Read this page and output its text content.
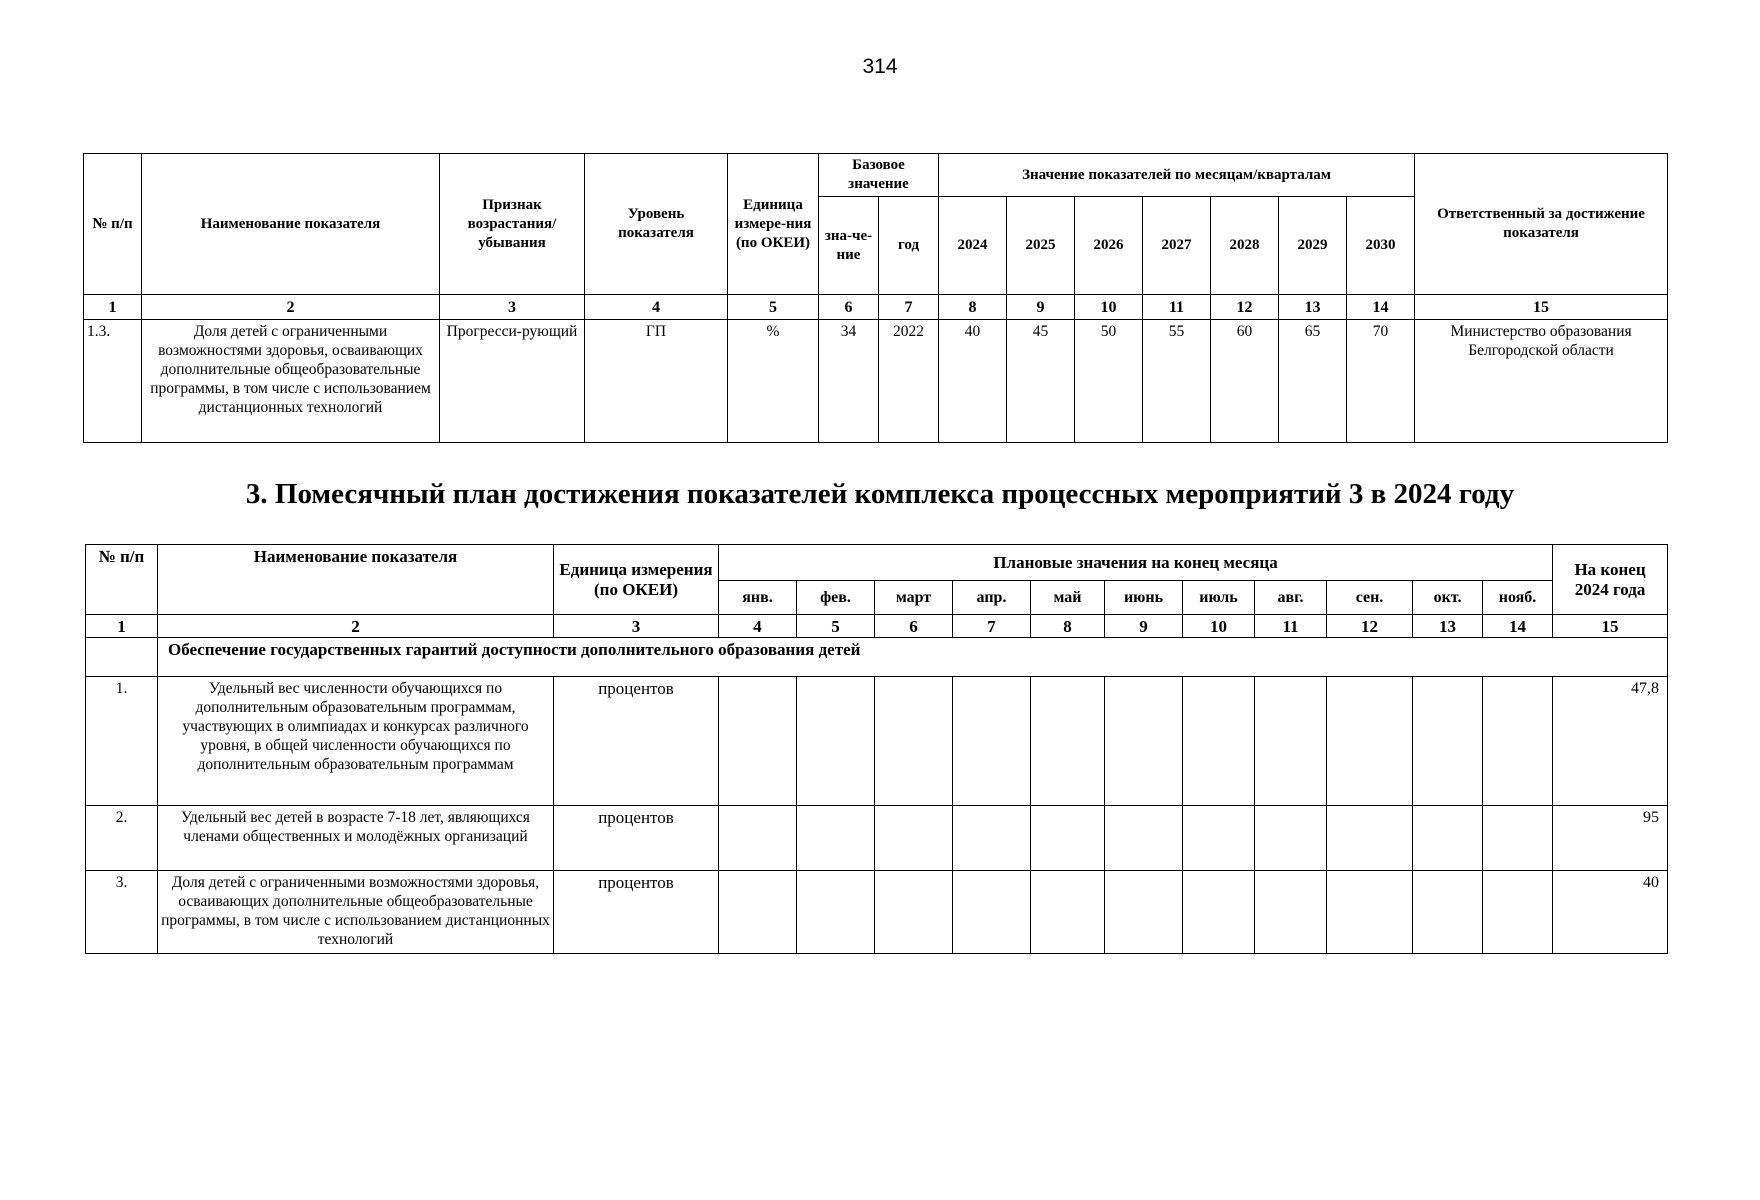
314
№ п/п	Наименование показателя	Признак возрастания/ убывания	Уровень показателя	Единица измере-ния (по ОКЕИ)	Базовое значение		Значение показателей по месяцам/кварталам							Ответственный за достижение показателя
					зна-че-ние	год	2024	2025	2026	2027	2028	2029	2030	
1	2	3	4	5	6	7	8	9	10	11	12	13	14	15
1.3.	Доля детей с ограниченными возможностями здоровья, осваивающих дополнительные общеобразовательные программы, в том числе с использованием дистанционных технологий	Прогресси-рующий	ГП	%	34	2022	40	45	50	55	60	65	70	Министерство образования Белгородской области
3. Помесячный план достижения показателей комплекса процессных мероприятий 3 в 2024 году
№ п/п	Наименование показателя	Единица измерения (по ОКЕИ)	Плановые значения на конец месяца											На конец 2024 года
			янв.	фев.	март	апр.	май	июнь	июль	авг.	сен.	окт.	нояб.	
1	2	3	4	5	6	7	8	9	10	11	12	13	14	15
	Обеспечение государственных гарантий доступности дополнительного образования детей													
1.	Удельный вес численности обучающихся по дополнительным образовательным программам, участвующих в олимпиадах и конкурсах различного уровня, в общей численности обучающихся по дополнительным образовательным программам	процентов												47,8
2.	Удельный вес детей в возрасте 7-18 лет, являющихся членами общественных и молодёжных организаций	процентов												95
3.	Доля детей с ограниченными возможностями здоровья, осваивающих дополнительные общеобразовательные программы, в том числе с использованием дистанционных технологий	процентов												40
